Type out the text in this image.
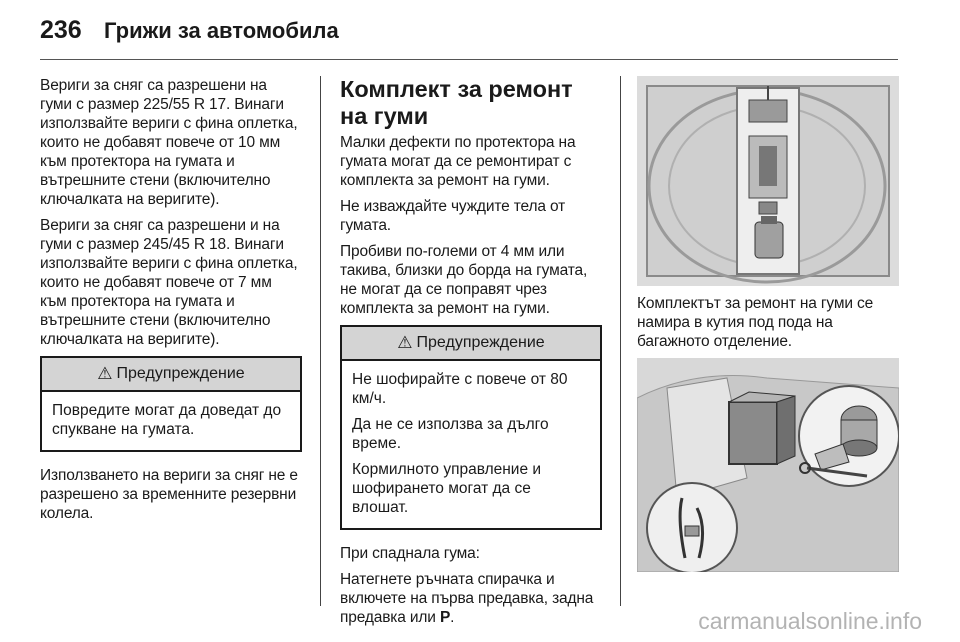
236 Грижи за автомобила

Вериги за сняг са разрешени на гуми с размер 225/55 R 17. Винаги използвайте вериги с фина оплетка, които не добавят повече от 10 мм към протектора на гумата и вътрешните стени (включително ключалката на веригите).

Вериги за сняг са разрешени и на гуми с размер 245/45 R 18. Винаги използвайте вериги с фина оплетка, които не добавят повече от 7 мм към протектора на гумата и вътрешните стени (включително ключалката на веригите).

⚠ Предупреждение

Повредите могат да доведат до спукване на гумата.

Използването на вериги за сняг не е разрешено за временните резервни колела.

Комплект за ремонт на гуми

Малки дефекти по протектора на гумата могат да се ремонтират с комплекта за ремонт на гуми.

Не изваждайте чуждите тела от гумата.

Пробиви по-големи от 4 мм или такива, близки до борда на гумата, не могат да се поправят чрез комплекта за ремонт на гуми.

⚠ Предупреждение

Не шофирайте с повече от 80 км/ч.

Да не се използва за дълго време.

Кормилното управление и шофирането могат да се влошат.

При спаднала гума:

Натегнете ръчната спирачка и включете на първа предавка, задна предавка или P.

Комплектът за ремонт на гуми се намира в кутия под пода на багажното отделение.

carmanualsonline.info
